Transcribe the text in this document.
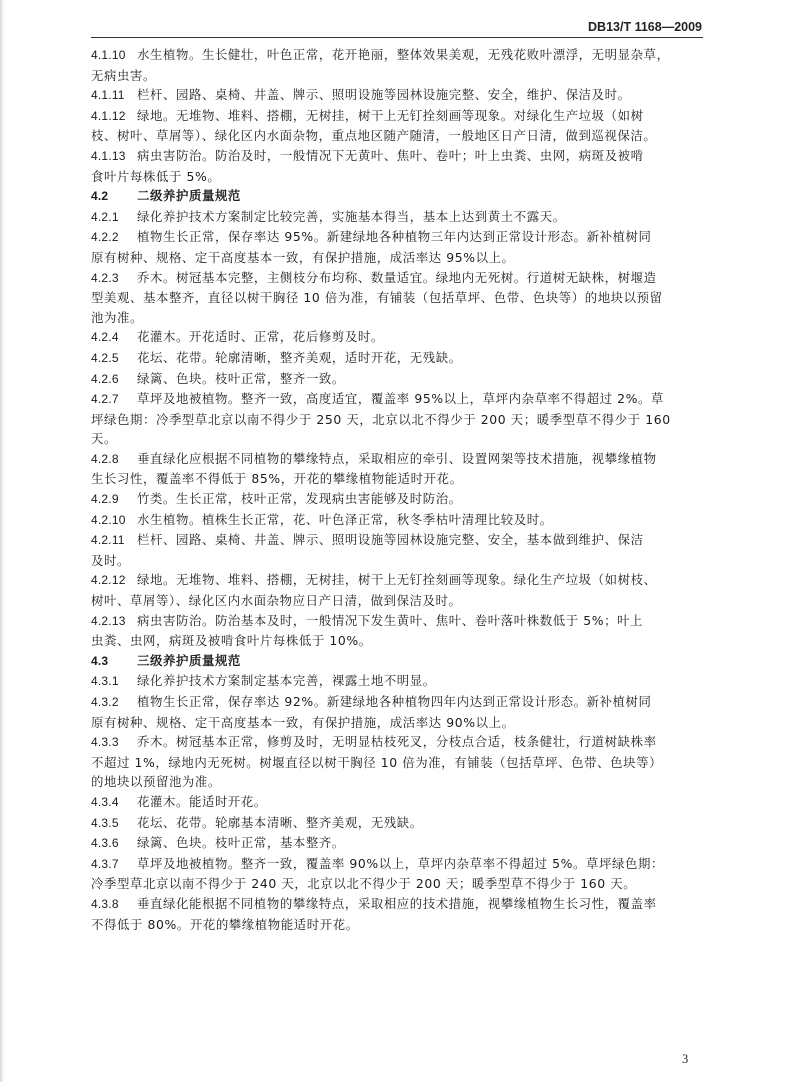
DB13/T 1168—2009

4.1.10 水生植物。生长健壮，叶色正常，花开艳丽，整体效果美观，无残花败叶漂浮，无明显杂草，
无病虫害。

4.1.11 栏杆、园路、桌椅、井盖、牌示、照明设施等园林设施完整、安全，维护、保洁及时。

4.1.12 绿地。无堆物、堆料、搭棚，无树挂，树干上无钉拴刻画等现象。对绿化生产垃圾（如树
枝、树叶、草屑等）、绿化区内水面杂物，重点地区随产随清，一般地区日产日清，做到巡视保洁。

4.1.13 病虫害防治。防治及时，一般情况下无黄叶、焦叶、卷叶；叶上虫粪、虫网，病斑及被啃
食叶片每株低于 5%。

4.2 二级养护质量规范

4.2.1 绿化养护技术方案制定比较完善，实施基本得当，基本上达到黄土不露天。

4.2.2 植物生长正常，保存率达 95%。新建绿地各种植物三年内达到正常设计形态。新补植树同
原有树种、规格、定干高度基本一致，有保护措施，成活率达 95%以上。

4.2.3 乔木。树冠基本完整，主侧枝分布均称、数量适宜。绿地内无死树。行道树无缺株，树堰造
型美观、基本整齐，直径以树干胸径 10 倍为准，有铺装（包括草坪、色带、色块等）的地块以预留
池为准。

4.2.4 花灌木。开花适时、正常，花后修剪及时。

4.2.5 花坛、花带。轮廓清晰，整齐美观，适时开花，无残缺。

4.2.6 绿篱、色块。枝叶正常，整齐一致。

4.2.7 草坪及地被植物。整齐一致，高度适宜，覆盖率 95%以上，草坪内杂草率不得超过 2%。草
坪绿色期：冷季型草北京以南不得少于 250 天，北京以北不得少于 200 天；暖季型草不得少于 160
天。

4.2.8 垂直绿化应根据不同植物的攀缘特点，采取相应的牵引、设置网架等技术措施，视攀缘植物
生长习性，覆盖率不得低于 85%，开花的攀缘植物能适时开花。

4.2.9 竹类。生长正常，枝叶正常，发现病虫害能够及时防治。

4.2.10 水生植物。植株生长正常，花、叶色泽正常，秋冬季枯叶清理比较及时。

4.2.11 栏杆、园路、桌椅、井盖、牌示、照明设施等园林设施完整、安全，基本做到维护、保洁
及时。

4.2.12 绿地。无堆物、堆料、搭棚，无树挂，树干上无钉拴刻画等现象。绿化生产垃圾（如树枝、
树叶、草屑等）、绿化区内水面杂物应日产日清，做到保洁及时。

4.2.13 病虫害防治。防治基本及时，一般情况下发生黄叶、焦叶、卷叶落叶株数低于 5%；叶上
虫粪、虫网，病斑及被啃食叶片每株低于 10%。

4.3 三级养护质量规范

4.3.1 绿化养护技术方案制定基本完善，裸露土地不明显。

4.3.2 植物生长正常，保存率达 92%。新建绿地各种植物四年内达到正常设计形态。新补植树同
原有树种、规格、定干高度基本一致，有保护措施，成活率达 90%以上。

4.3.3 乔木。树冠基本正常，修剪及时，无明显枯枝死叉，分枝点合适，枝条健壮，行道树缺株率
不超过 1%，绿地内无死树。树堰直径以树干胸径 10 倍为准，有铺装（包括草坪、色带、色块等）
的地块以预留池为准。

4.3.4 花灌木。能适时开花。

4.3.5 花坛、花带。轮廓基本清晰、整齐美观，无残缺。

4.3.6 绿篱、色块。枝叶正常，基本整齐。

4.3.7 草坪及地被植物。整齐一致，覆盖率 90%以上，草坪内杂草率不得超过 5%。草坪绿色期：
冷季型草北京以南不得少于 240 天，北京以北不得少于 200 天；暖季型草不得少于 160 天。

4.3.8 垂直绿化能根据不同植物的攀缘特点，采取相应的技术措施，视攀缘植物生长习性，覆盖率
不得低于 80%。开花的攀缘植物能适时开花。

3
